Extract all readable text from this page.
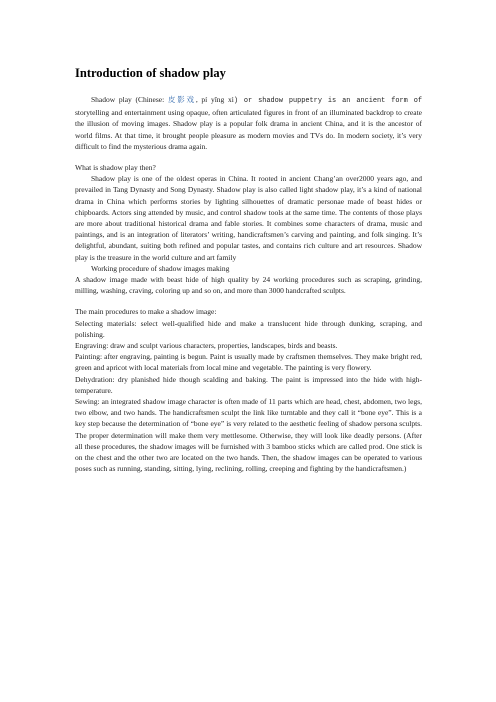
Introduction of shadow play

Shadow play (Chinese: 皮影戏, pí yǐng xì) or shadow puppetry is an ancient form of storytelling and entertainment using opaque, often articulated figures in front of an illuminated backdrop to create the illusion of moving images. Shadow play is a popular folk drama in ancient China, and it is the ancestor of world films. At that time, it brought people pleasure as modern movies and TVs do. In modern society, it’s very difficult to find the mysterious drama again.

What is shadow play then?

Shadow play is one of the oldest operas in China. It rooted in ancient Chang’an over2000 years ago, and prevailed in Tang Dynasty and Song Dynasty. Shadow play is also called light shadow play, it’s a kind of national drama in China which performs stories by lighting silhouettes of dramatic personae made of beast hides or chipboards. Actors sing attended by music, and control shadow tools at the same time. The contents of those plays are more about traditional historical drama and fable stories. It combines some characters of drama, music and paintings, and is an integration of literators’ writing, handicraftsmen’s carving and painting, and folk singing. It’s delightful, abundant, suiting both refined and popular tastes, and contains rich culture and art resources. Shadow play is the treasure in the world culture and art family

Working procedure of shadow images making

A shadow image made with beast hide of high quality by 24 working procedures such as scraping, grinding, milling, washing, craving, coloring up and so on, and more than 3000 handcrafted sculpts.

The main procedures to make a shadow image:

Selecting materials: select well-qualified hide and make a translucent hide through dunking, scraping, and polishing.

Engraving: draw and sculpt various characters, properties, landscapes, birds and beasts.

Painting: after engraving, painting is begun. Paint is usually made by craftsmen themselves. They make bright red, green and apricot with local materials from local mine and vegetable. The painting is very flowery.

Dehydration: dry planished hide though scalding and baking. The paint is impressed into the hide with high-temperature.

Sewing: an integrated shadow image character is often made of 11 parts which are head, chest, abdomen, two legs, two elbow, and two hands. The handicraftsmen sculpt the link like turntable and they call it “bone eye”. This is a key step because the determination of “bone eye” is very related to the aesthetic feeling of shadow persona sculpts. The proper determination will make them very mettlesome. Otherwise, they will look like deadly persons. (After all these procedures, the shadow images will be furnished with 3 bamboo sticks which are called prod. One stick is on the chest and the other two are located on the two hands. Then, the shadow images can be operated to various poses such as running, standing, sitting, lying, reclining, rolling, creeping and fighting by the handicraftsmen.)
